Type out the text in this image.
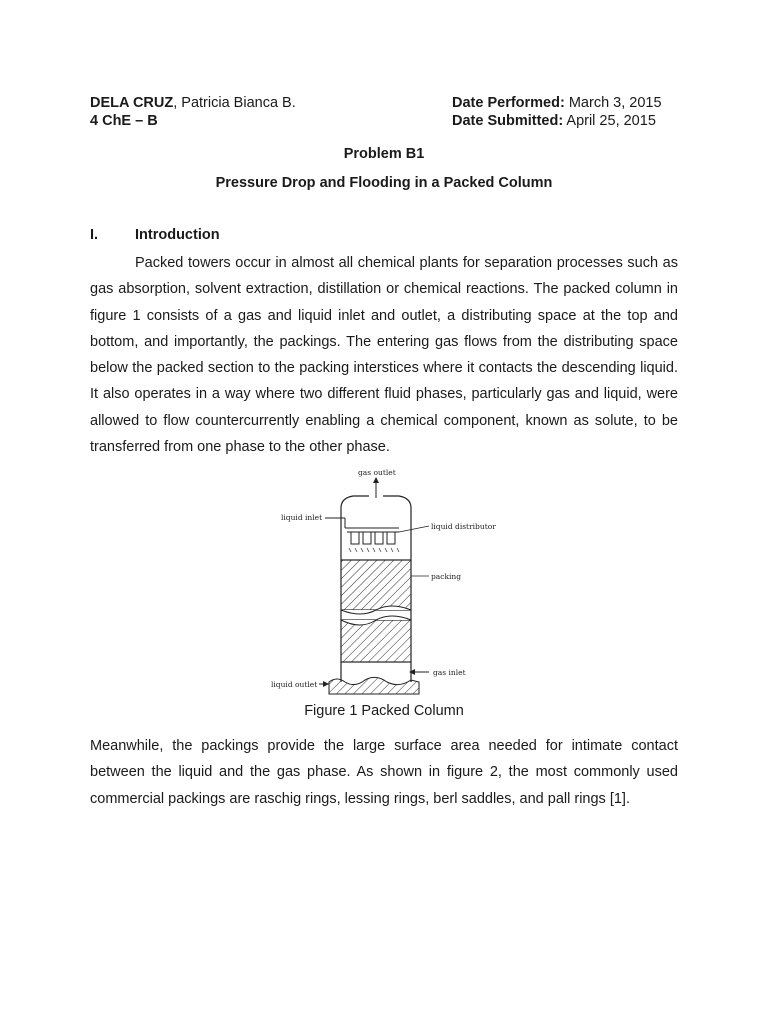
DELA CRUZ, Patricia Bianca B.	Date Performed: March 3, 2015
4 ChE – B	Date Submitted: April 25, 2015
Problem B1
Pressure Drop and Flooding in a Packed Column
I.	Introduction

Packed towers occur in almost all chemical plants for separation processes such as gas absorption, solvent extraction, distillation or chemical reactions. The packed column in figure 1 consists of a gas and liquid inlet and outlet, a distributing space at the top and bottom, and importantly, the packings. The entering gas flows from the distributing space below the packed section to the packing interstices where it contacts the descending liquid. It also operates in a way where two different fluid phases, particularly gas and liquid, were allowed to flow countercurrently enabling a chemical component, known as solute, to be transferred from one phase to the other phase.

gas outlet
liquid inlet
liquid distributor
packing
gas inlet
liquid outlet
Figure 1 Packed Column

Meanwhile, the packings provide the large surface area needed for intimate contact between the liquid and the gas phase. As shown in figure 2, the most commonly used commercial packings are raschig rings, lessing rings, berl saddles, and pall rings [1].
